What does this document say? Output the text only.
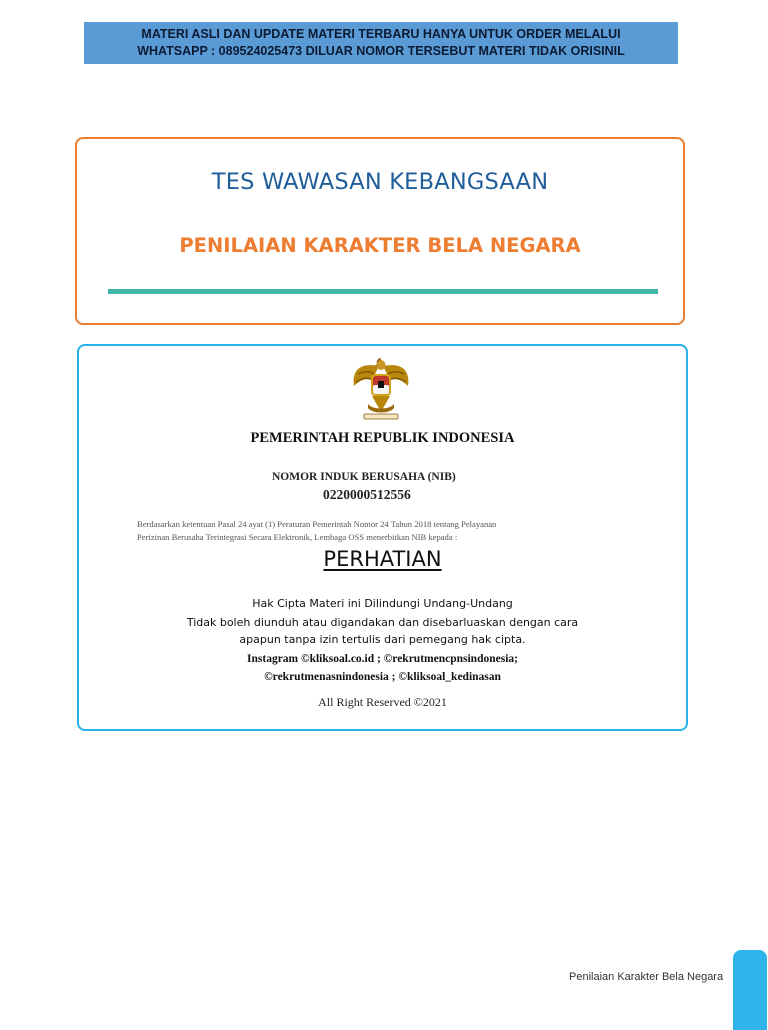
MATERI ASLI DAN UPDATE MATERI TERBARU HANYA UNTUK ORDER MELALUI
WHATSAPP : 089524025473 DILUAR NOMOR TERSEBUT MATERI TIDAK ORISINIL
TES WAWASAN KEBANGSAAN
PENILAIAN KARAKTER BELA NEGARA
PEMERINTAH REPUBLIK INDONESIA
NOMOR INDUK BERUSAHA (NIB)
0220000512556
Berdasarkan ketentuan Pasal 24 ayat (1) Peraturan Pemerintah Nomor 24 Tahun 2018 tentang Pelayanan
Perizinan Berusaha Terintegrasi Secara Elektronik, Lembaga OSS menerbitkan NIB kepada :
PERHATIAN
Hak Cipta Materi ini Dilindungi Undang-Undang
Tidak boleh diunduh atau digandakan dan disebarluaskan dengan cara
apapun tanpa izin tertulis dari pemegang hak cipta.
Instagram ©kliksoal.co.id ; ©rekrutmencpnsindonesia;
©rekrutmenasnindonesia ; ©kliksoal_kedinasan
All Right Reserved ©2021
Penilaian Karakter Bela Negara
